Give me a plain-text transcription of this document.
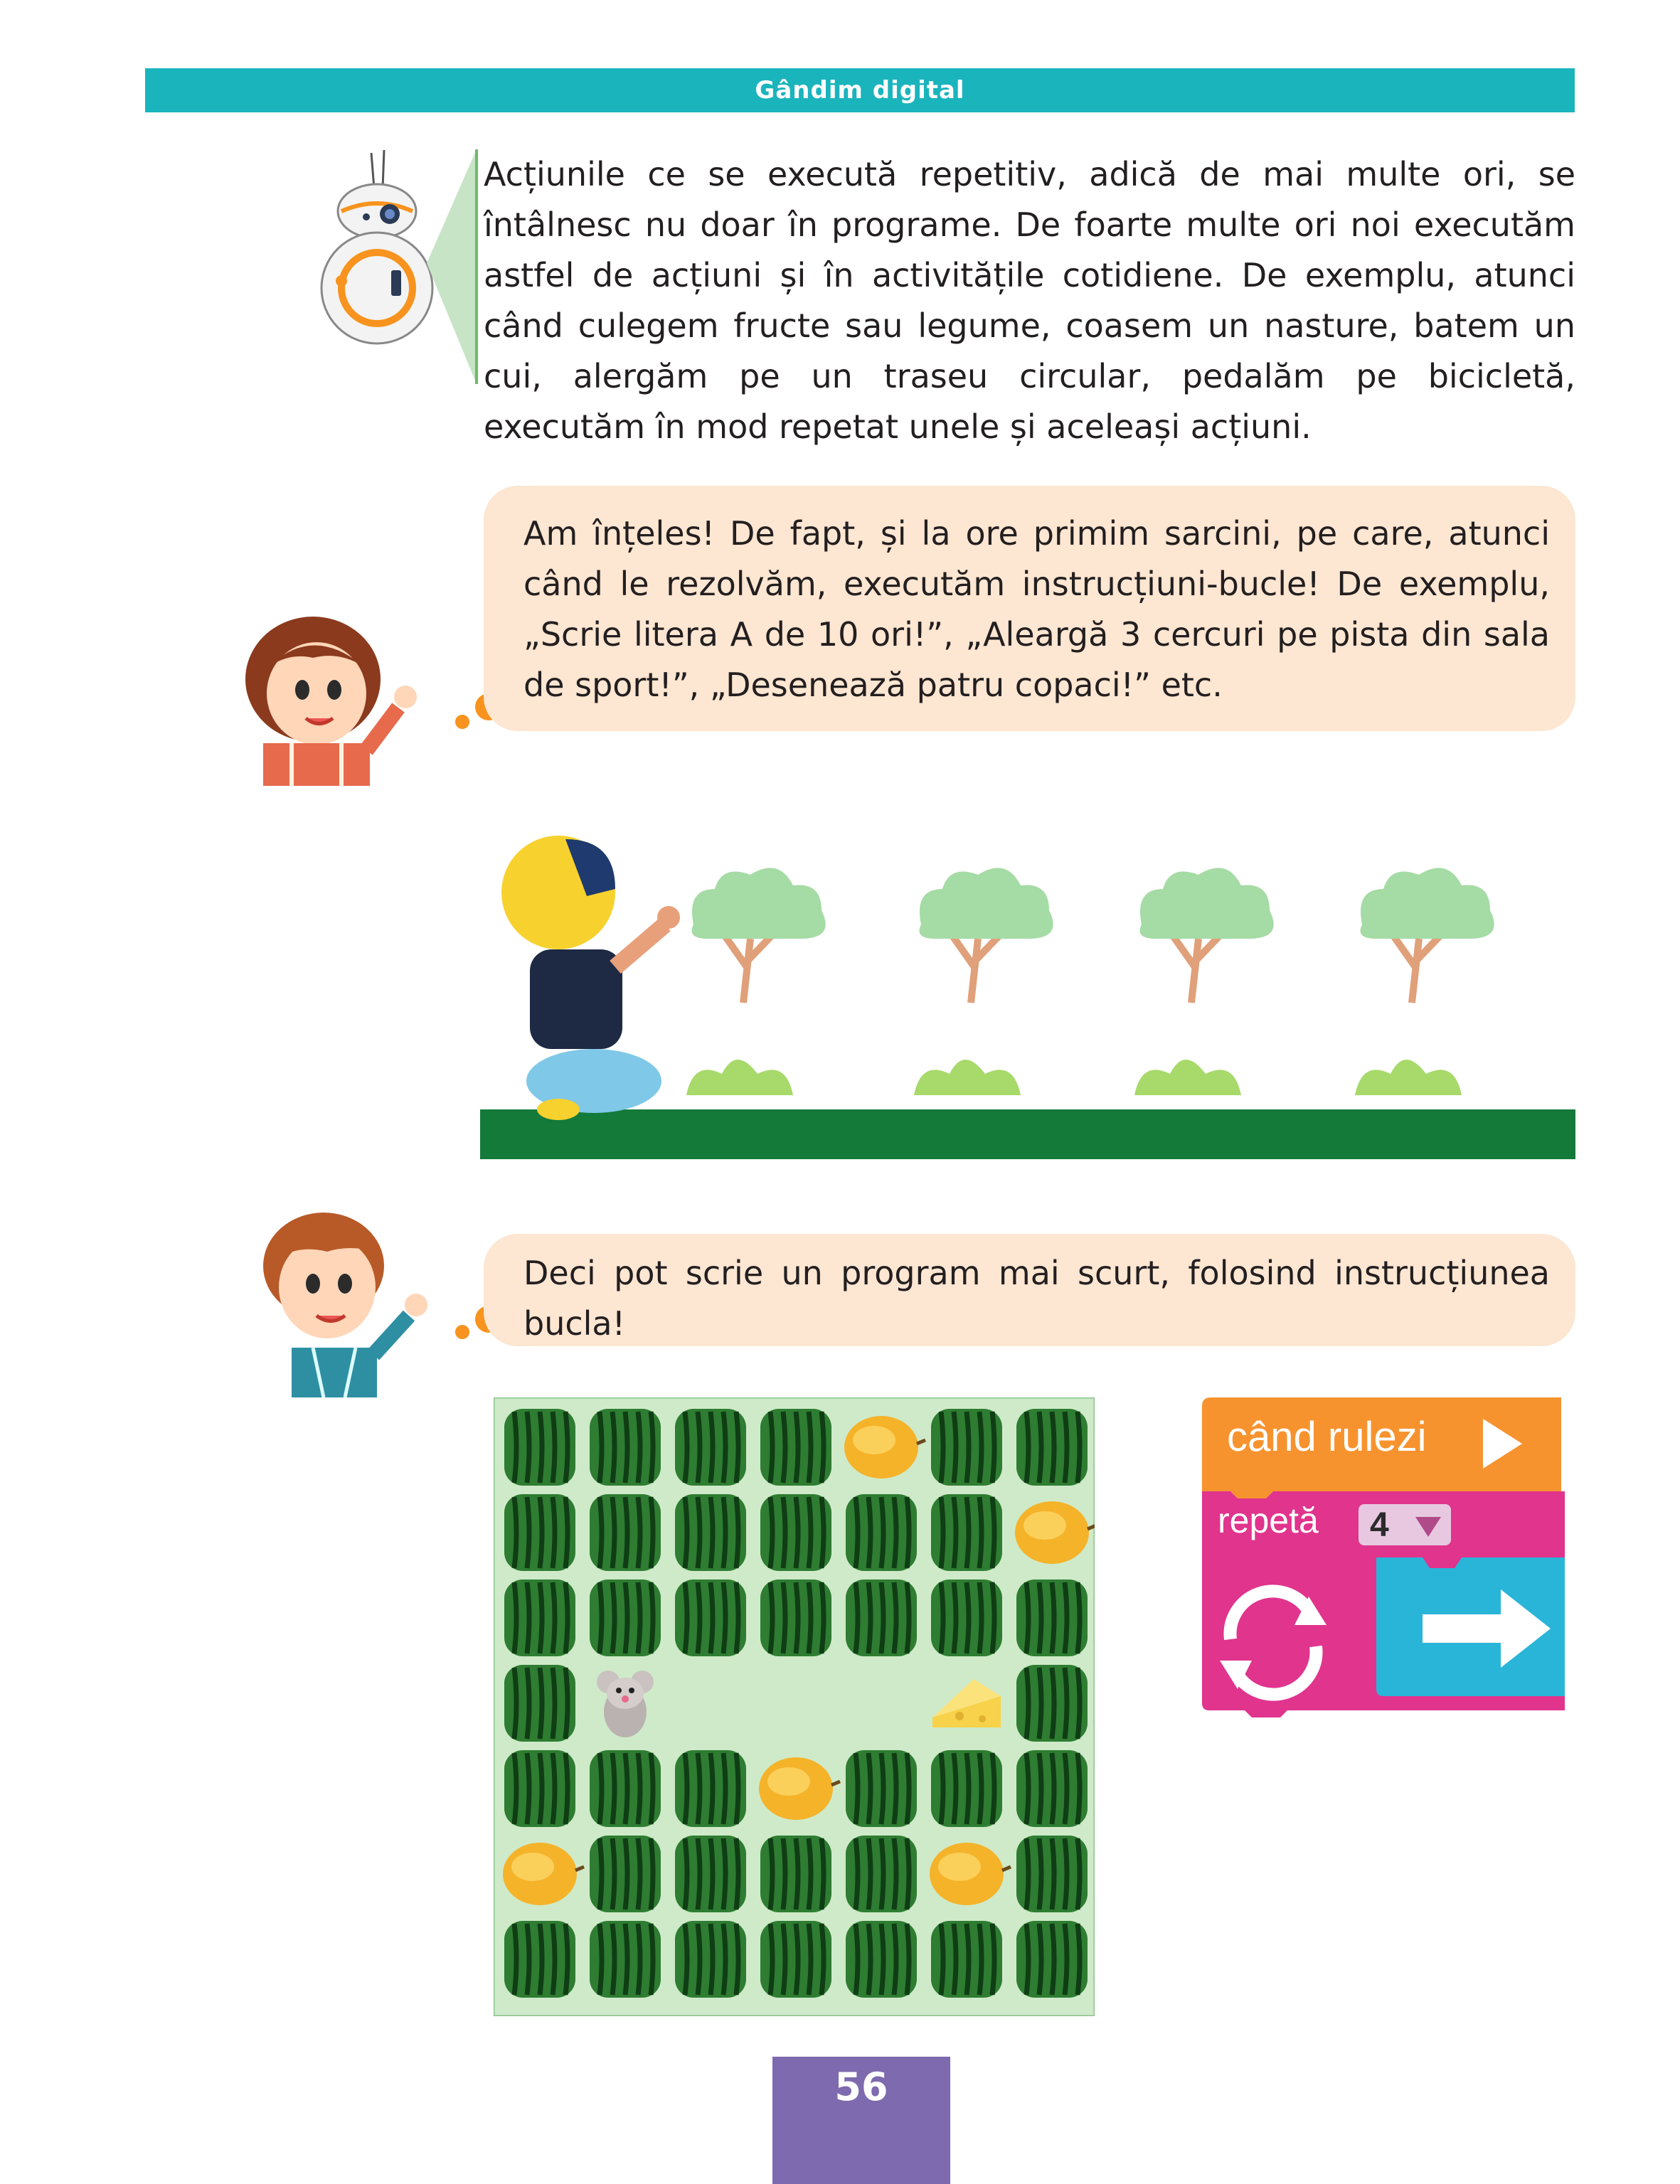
Gândim digital

Acțiunile ce se execută repetitiv, adică de mai multe ori, se întâlnesc nu doar în programe. De foarte multe ori noi executăm astfel de acțiuni și în activitățile cotidiene. De exemplu, atunci când culegem fructe sau legume, coasem un nasture, batem un cui, alergăm pe un traseu circular, pedalăm pe bicicletă, executăm în mod repetat unele și aceleași acțiuni.

Am înțeles! De fapt, și la ore primim sarcini, pe care, atunci când le rezolvăm, executăm instrucțiuni-bucle! De exemplu, „Scrie litera A de 10 ori!”, „Aleargă 3 cercuri pe pista din sala de sport!”, „Desenează patru copaci!” etc.

Deci pot scrie un program mai scurt, folosind instrucțiunea bucla!

când rulezi
repetă 4
56
